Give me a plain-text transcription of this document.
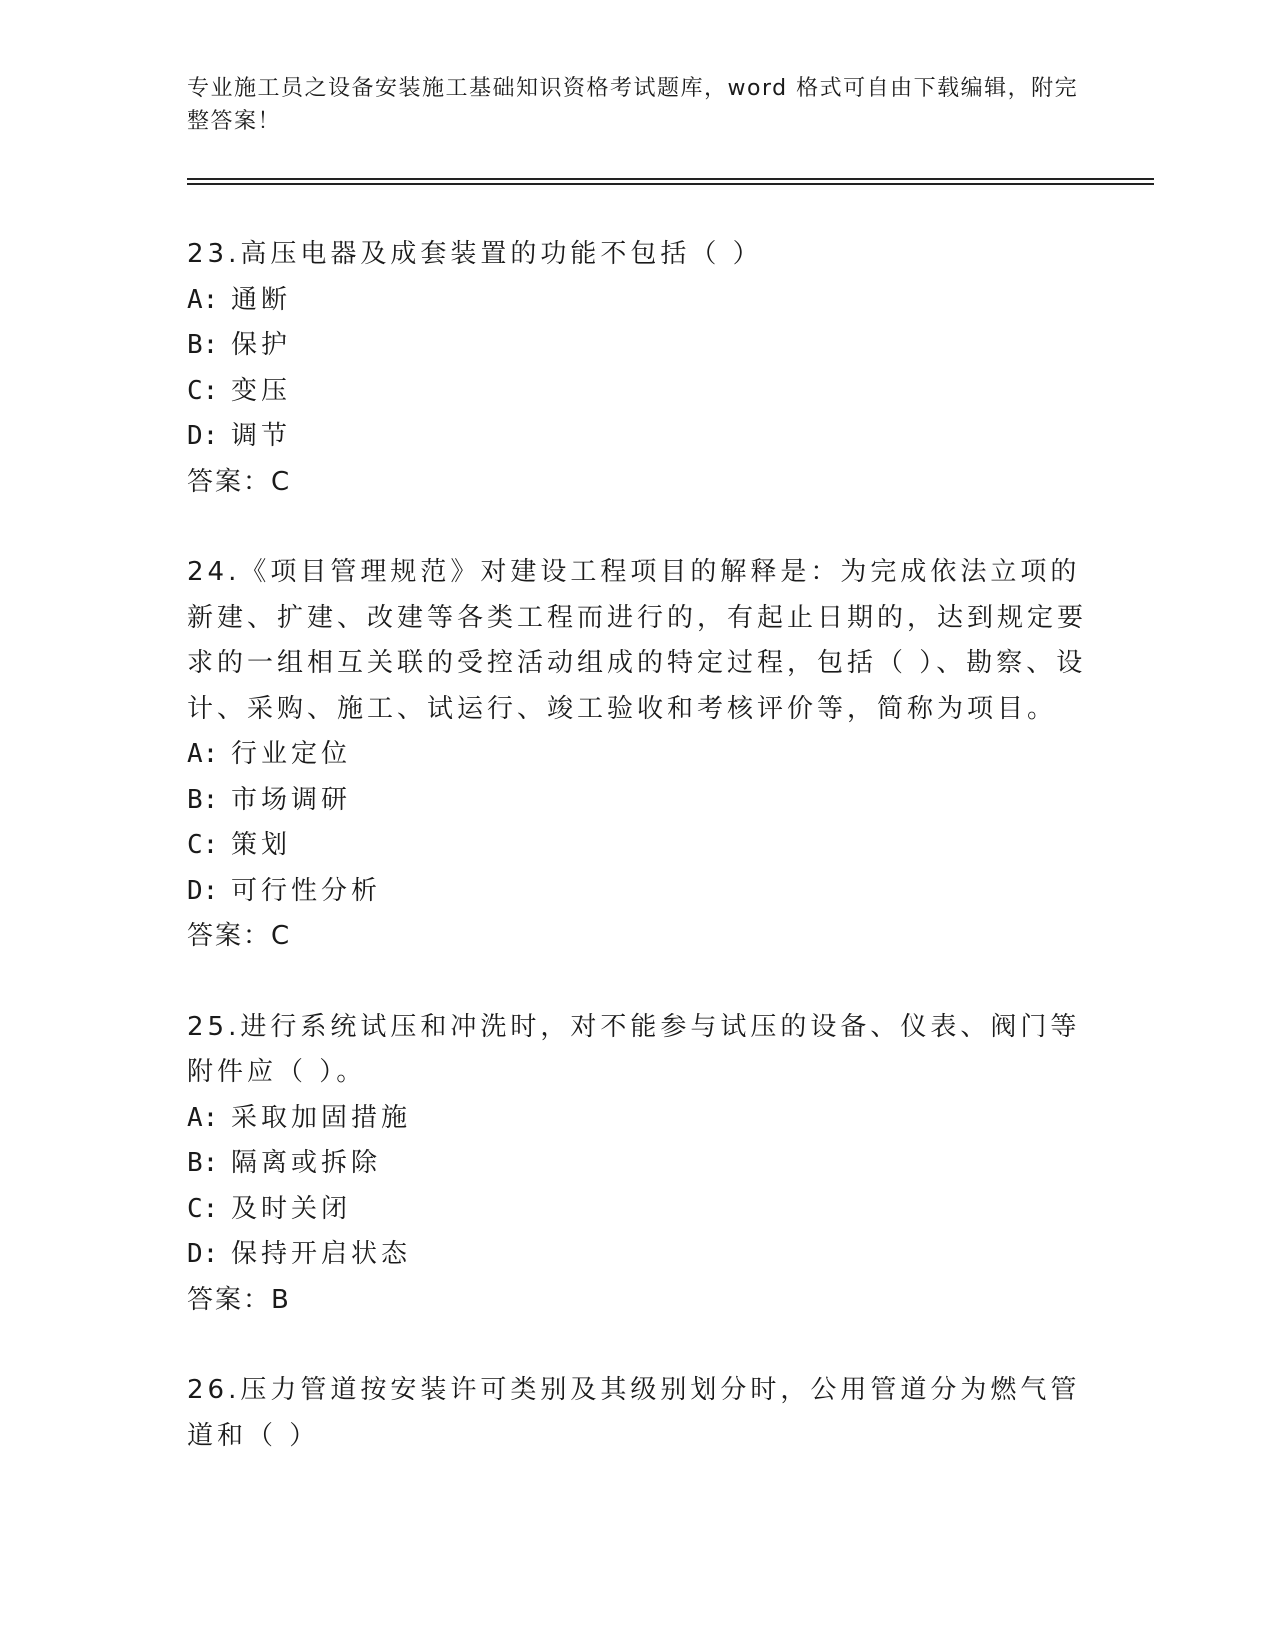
专业施工员之设备安装施工基础知识资格考试题库，word 格式可自由下载编辑，附完整答案！

23.高压电器及成套装置的功能不包括（ ）

A: 通断
B: 保护
C: 变压
D: 调节
答案：C

24.《项目管理规范》对建设工程项目的解释是：为完成依法立项的新建、扩建、改建等各类工程而进行的，有起止日期的，达到规定要求的一组相互关联的受控活动组成的特定过程，包括（ ）、勘察、设计、采购、施工、试运行、竣工验收和考核评价等，简称为项目。

A: 行业定位
B: 市场调研
C: 策划
D: 可行性分析
答案：C

25.进行系统试压和冲洗时，对不能参与试压的设备、仪表、阀门等附件应（ ）。

A: 采取加固措施
B: 隔离或拆除
C: 及时关闭
D: 保持开启状态
答案：B

26.压力管道按安装许可类别及其级别划分时，公用管道分为燃气管道和（ ）
